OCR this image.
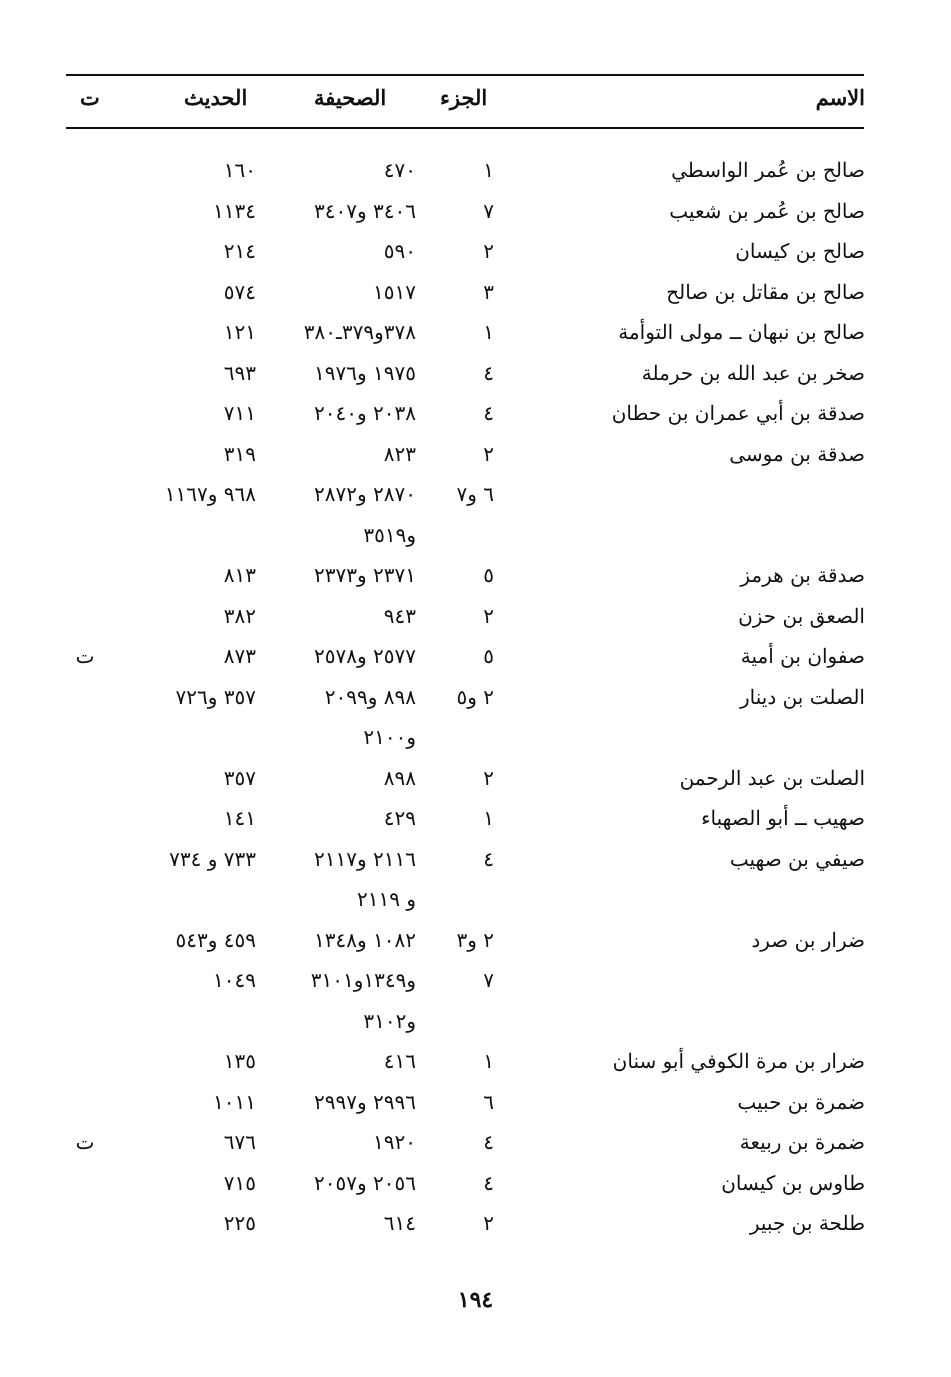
الاسم
الجزء
الصحيفة
الحديث
ت
صالح بن عُمر الواسطي
١
٤٧٠
١٦٠
صالح بن عُمر بن شعيب
٧
٣٤٠٦ و٣٤٠٧
١١٣٤
صالح بن كيسان
٢
٥٩٠
٢١٤
صالح بن مقاتل بن صالح
٣
١٥١٧
٥٧٤
صالح بن نبهان ــ مولى التوأمة
١
٣٧٨و٣٧٩ـ٣٨٠
١٢١
صخر بن عبد الله بن حرملة
٤
١٩٧٥ و١٩٧٦
٦٩٣
صدقة بن أبي عمران بن حطان
٤
٢٠٣٨ و٢٠٤٠
٧١١
صدقة بن موسى
٢
٨٢٣
٣١٩
٦ و٧
٢٨٧٠ و٢٨٧٢
٩٦٨ و١١٦٧
و٣٥١٩
صدقة بن هرمز
٥
٢٣٧١ و٢٣٧٣
٨١٣
الصعق بن حزن
٢
٩٤٣
٣٨٢
صفوان بن أمية
٥
٢٥٧٧ و٢٥٧٨
٨٧٣
ت
الصلت بن دينار
٢ و٥
٨٩٨ و٢٠٩٩
٣٥٧ و٧٢٦
و٢١٠٠
الصلت بن عبد الرحمن
٢
٨٩٨
٣٥٧
صهيب ــ أبو الصهباء
١
٤٢٩
١٤١
صيفي بن صهيب
٤
٢١١٦ و٢١١٧
٧٣٣ و ٧٣٤
و ٢١١٩
ضرار بن صرد
٢ و٣
١٠٨٢ و١٣٤٨
٤٥٩ و٥٤٣
٧
و١٣٤٩و٣١٠١
١٠٤٩
و٣١٠٢
ضرار بن مرة الكوفي أبو سنان
١
٤١٦
١٣٥
ضمرة بن حبيب
٦
٢٩٩٦ و٢٩٩٧
١٠١١
ضمرة بن ربيعة
٤
١٩٢٠
٦٧٦
ت
طاوس بن كيسان
٤
٢٠٥٦ و٢٠٥٧
٧١٥
طلحة بن جبير
٢
٦١٤
٢٢٥
١٩٤
